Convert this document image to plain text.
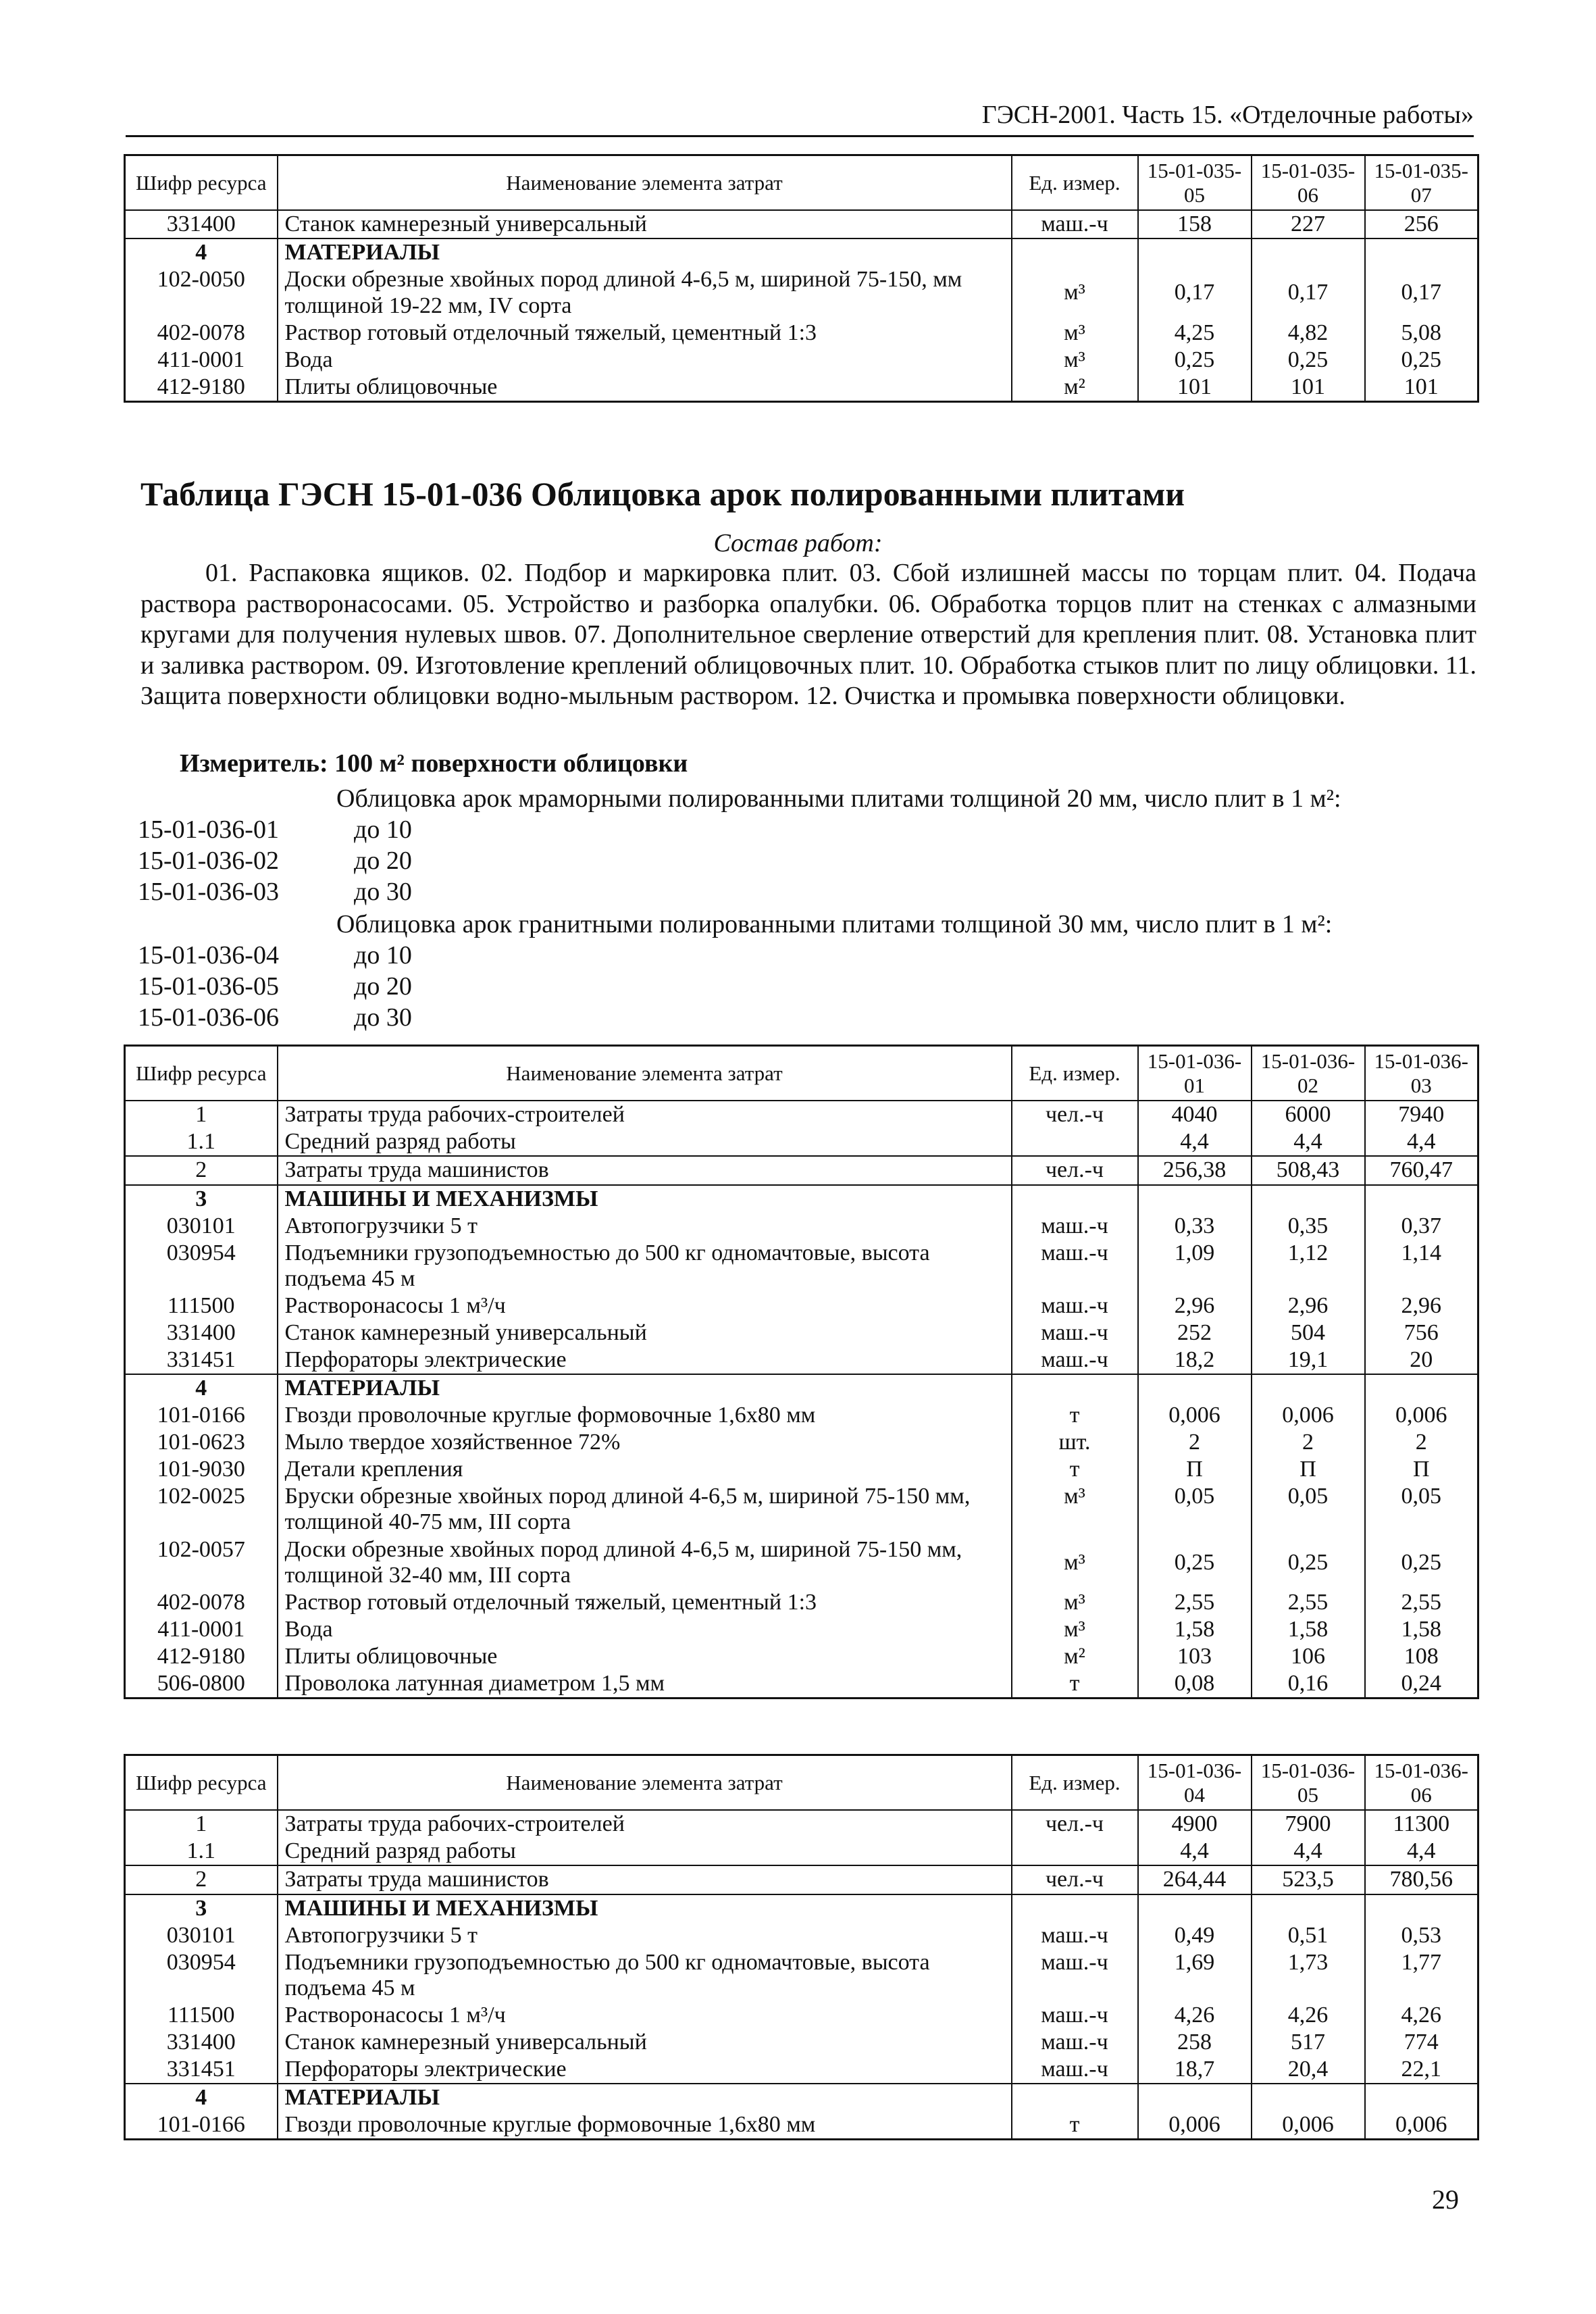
ГЭСН-2001. Часть 15. «Отделочные работы»
Шифр ресурса	Наименование элемента затрат	Ед. измер.	15-01-035-05	15-01-035-06	15-01-035-07
331400	Станок камнерезный универсальный	маш.-ч	158	227	256
4	МАТЕРИАЛЫ				
102-0050	Доски обрезные хвойных пород длиной 4-6,5 м, шириной 75-150, мм толщиной 19-22 мм, IV сорта	м³	0,17	0,17	0,17
402-0078	Раствор готовый отделочный тяжелый, цементный 1:3	м³	4,25	4,82	5,08
411-0001	Вода	м³	0,25	0,25	0,25
412-9180	Плиты облицовочные	м²	101	101	101
Таблица ГЭСН 15-01-036 Облицовка арок полированными плитами
Состав работ:
01. Распаковка ящиков. 02. Подбор и маркировка плит. 03. Сбой излишней массы по торцам плит. 04. Подача раствора растворонасосами. 05. Устройство и разборка опалубки. 06. Обработка торцов плит на стенках с алмазными кругами для получения нулевых швов. 07. Дополнительное сверление отверстий для крепления плит. 08. Установка плит и заливка раствором. 09. Изготовление креплений облицовочных плит. 10. Обработка стыков плит по лицу облицовки. 11. Защита поверхности облицовки водно-мыльным раствором. 12. Очистка и промывка поверхности облицовки.
Измеритель: 100 м² поверхности облицовки
Облицовка арок мраморными полированными плитами толщиной 20 мм, число плит в 1 м²:
15-01-036-01	до 10
15-01-036-02	до 20
15-01-036-03	до 30
Облицовка арок гранитными полированными плитами толщиной 30 мм, число плит в 1 м²:
15-01-036-04	до 10
15-01-036-05	до 20
15-01-036-06	до 30
Шифр ресурса	Наименование элемента затрат	Ед. измер.	15-01-036-01	15-01-036-02	15-01-036-03
1	Затраты труда рабочих-строителей	чел.-ч	4040	6000	7940
1.1	Средний разряд работы		4,4	4,4	4,4
2	Затраты труда машинистов	чел.-ч	256,38	508,43	760,47
3	МАШИНЫ И МЕХАНИЗМЫ				
030101	Автопогрузчики 5 т	маш.-ч	0,33	0,35	0,37
030954	Подъемники грузоподъемностью до 500 кг одномачтовые, высота подъема 45 м	маш.-ч	1,09	1,12	1,14
111500	Растворонасосы 1 м³/ч	маш.-ч	2,96	2,96	2,96
331400	Станок камнерезный универсальный	маш.-ч	252	504	756
331451	Перфораторы электрические	маш.-ч	18,2	19,1	20
4	МАТЕРИАЛЫ				
101-0166	Гвозди проволочные круглые формовочные 1,6х80 мм	т	0,006	0,006	0,006
101-0623	Мыло твердое хозяйственное 72%	шт.	2	2	2
101-9030	Детали крепления	т	П	П	П
102-0025	Бруски обрезные хвойных пород длиной 4-6,5 м, шириной 75-150 мм, толщиной 40-75 мм, III сорта	м³	0,05	0,05	0,05
102-0057	Доски обрезные хвойных пород длиной 4-6,5 м, шириной 75-150 мм, толщиной 32-40 мм, III сорта	м³	0,25	0,25	0,25
402-0078	Раствор готовый отделочный тяжелый, цементный 1:3	м³	2,55	2,55	2,55
411-0001	Вода	м³	1,58	1,58	1,58
412-9180	Плиты облицовочные	м²	103	106	108
506-0800	Проволока латунная диаметром 1,5 мм	т	0,08	0,16	0,24
Шифр ресурса	Наименование элемента затрат	Ед. измер.	15-01-036-04	15-01-036-05	15-01-036-06
1	Затраты труда рабочих-строителей	чел.-ч	4900	7900	11300
1.1	Средний разряд работы		4,4	4,4	4,4
2	Затраты труда машинистов	чел.-ч	264,44	523,5	780,56
3	МАШИНЫ И МЕХАНИЗМЫ				
030101	Автопогрузчики 5 т	маш.-ч	0,49	0,51	0,53
030954	Подъемники грузоподъемностью до 500 кг одномачтовые, высота подъема 45 м	маш.-ч	1,69	1,73	1,77
111500	Растворонасосы 1 м³/ч	маш.-ч	4,26	4,26	4,26
331400	Станок камнерезный универсальный	маш.-ч	258	517	774
331451	Перфораторы электрические	маш.-ч	18,7	20,4	22,1
4	МАТЕРИАЛЫ				
101-0166	Гвозди проволочные круглые формовочные 1,6х80 мм	т	0,006	0,006	0,006
29
